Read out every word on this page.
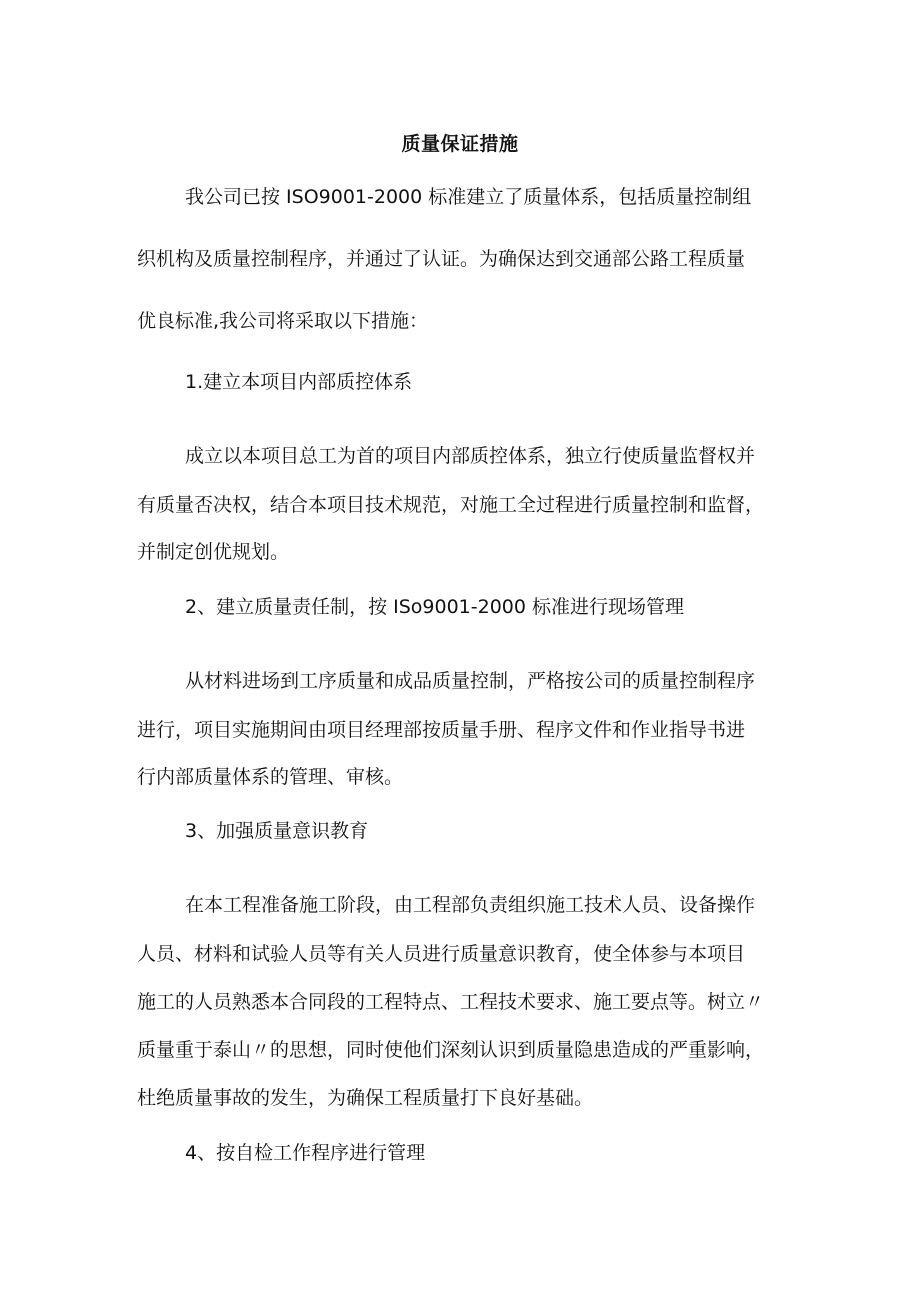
质量保证措施
我公司已按 ISO9001-2000 标准建立了质量体系，包括质量控制组
织机构及质量控制程序，并通过了认证。为确保达到交通部公路工程质量
优良标准,我公司将采取以下措施：
1.建立本项目内部质控体系
成立以本项目总工为首的项目内部质控体系，独立行使质量监督权并
有质量否决权，结合本项目技术规范，对施工全过程进行质量控制和监督，
并制定创优规划。
2、建立质量责任制，按 ISo9001-2000 标准进行现场管理
从材料进场到工序质量和成品质量控制，严格按公司的质量控制程序
进行，项目实施期间由项目经理部按质量手册、程序文件和作业指导书进
行内部质量体系的管理、审核。
3、加强质量意识教育
在本工程准备施工阶段，由工程部负责组织施工技术人员、设备操作
人员、材料和试验人员等有关人员进行质量意识教育，使全体参与本项目
施工的人员熟悉本合同段的工程特点、工程技术要求、施工要点等。树立〃
质量重于泰山〃的思想，同时使他们深刻认识到质量隐患造成的严重影响，
杜绝质量事故的发生，为确保工程质量打下良好基础。
4、按自检工作程序进行管理
